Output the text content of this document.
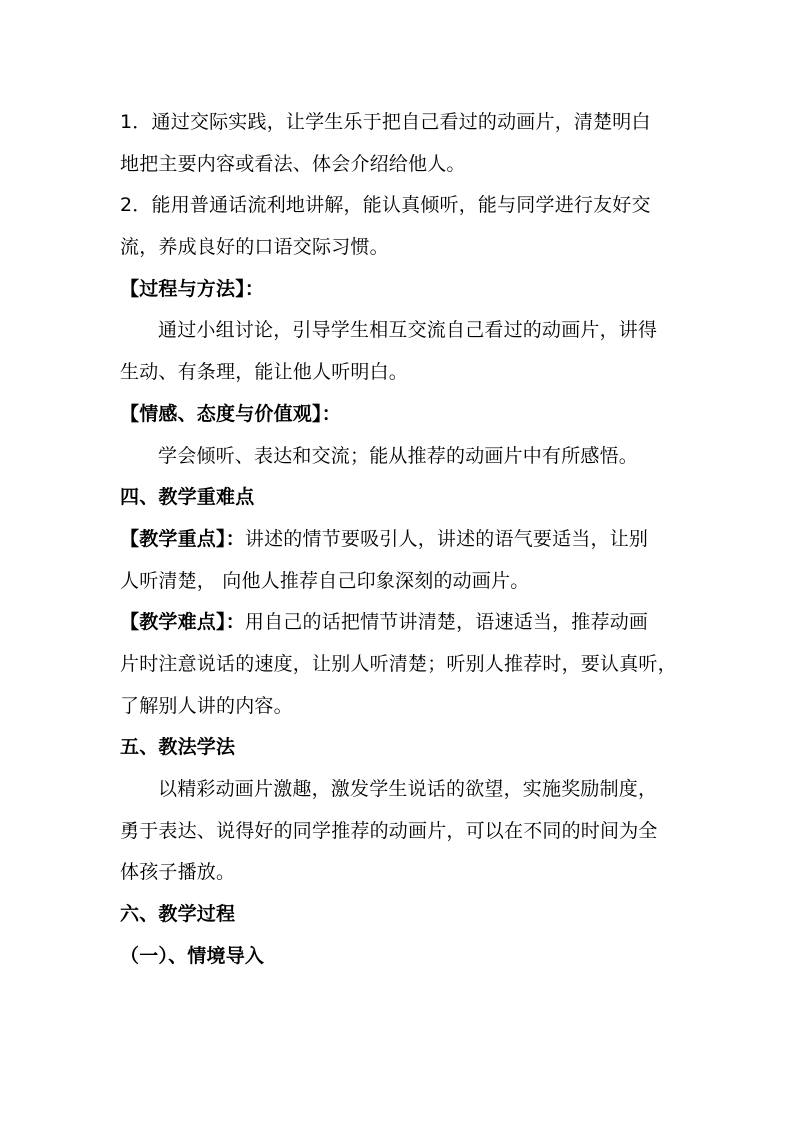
1．通过交际实践，让学生乐于把自己看过的动画片，清楚明白
地把主要内容或看法、体会介绍给他人。
2．能用普通话流利地讲解，能认真倾听，能与同学进行友好交
流，养成良好的口语交际习惯。
【过程与方法】：
通过小组讨论，引导学生相互交流自己看过的动画片，讲得
生动、有条理，能让他人听明白。
【情感、态度与价值观】：
学会倾听、表达和交流；能从推荐的动画片中有所感悟。
四、教学重难点
【教学重点】：讲述的情节要吸引人，讲述的语气要适当，让别
人听清楚， 向他人推荐自己印象深刻的动画片。
【教学难点】：用自己的话把情节讲清楚，语速适当，推荐动画
片时注意说话的速度，让别人听清楚；听别人推荐时，要认真听，
了解别人讲的内容。
五、教法学法
以精彩动画片激趣，激发学生说话的欲望，实施奖励制度，
勇于表达、说得好的同学推荐的动画片，可以在不同的时间为全
体孩子播放。
六、教学过程
（一）、情境导入
